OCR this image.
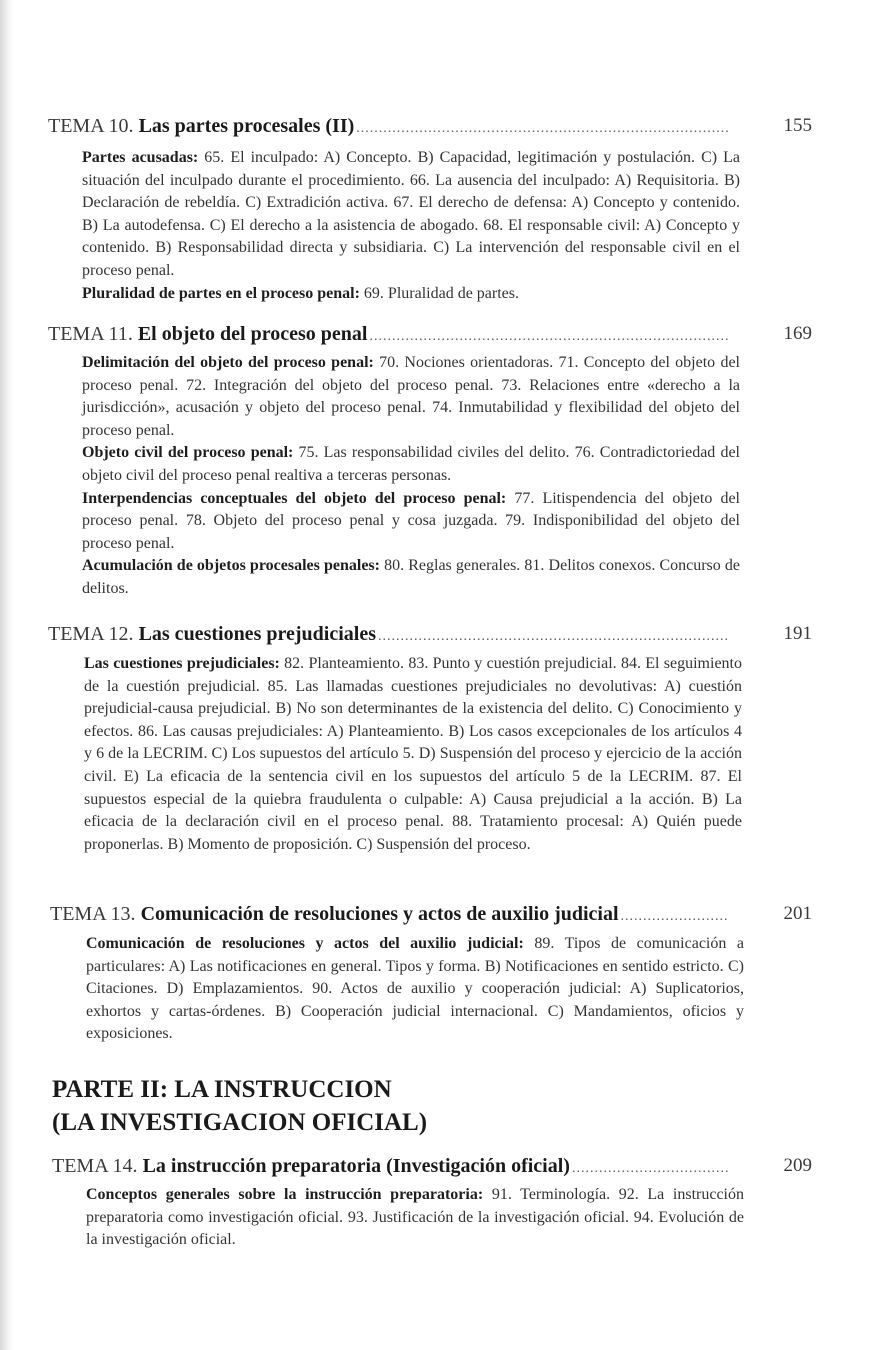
TEMA 10. Las partes procesales (II) .....	155

Partes acusadas: 65. El inculpado: A) Concepto. B) Capacidad, legitimación y postulación. C) La situación del inculpado durante el procedimiento. 66. La ausencia del inculpado: A) Requisitoria. B) Declaración de rebeldía. C) Extradición activa. 67. El derecho de defensa: A) Concepto y contenido. B) La autodefensa. C) El derecho a la asistencia de abogado. 68. El responsable civil: A) Concepto y contenido. B) Responsabilidad directa y subsidiaria. C) La intervención del responsable civil en el proceso penal.

Pluralidad de partes en el proceso penal: 69. Pluralidad de partes.

TEMA 11. El objeto del proceso penal .....	169

Delimitación del objeto del proceso penal: 70. Nociones orientadoras. 71. Concepto del objeto del proceso penal. 72. Integración del objeto del proceso penal. 73. Relaciones entre «derecho a la jurisdicción», acusación y objeto del proceso penal. 74. Inmutabilidad y flexibilidad del objeto del proceso penal.

Objeto civil del proceso penal: 75. Las responsabilidad civiles del delito. 76. Contradictoriedad del objeto civil del proceso penal realtiva a terceras personas.

Interpendencias conceptuales del objeto del proceso penal: 77. Litispendencia del objeto del proceso penal. 78. Objeto del proceso penal y cosa juzgada. 79. Indisponibilidad del objeto del proceso penal.

Acumulación de objetos procesales penales: 80. Reglas generales. 81. Delitos conexos. Concurso de delitos.

TEMA 12. Las cuestiones prejudiciales .....	191

Las cuestiones prejudiciales: 82. Planteamiento. 83. Punto y cuestión prejudicial. 84. El seguimiento de la cuestión prejudicial. 85. Las llamadas cuestiones prejudiciales no devolutivas: A) cuestión prejudicial-causa prejudicial. B) No son determinantes de la existencia del delito. C) Conocimiento y efectos. 86. Las causas prejudiciales: A) Planteamiento. B) Los casos excepcionales de los artículos 4 y 6 de la LECRIM. C) Los supuestos del artículo 5. D) Suspensión del proceso y ejercicio de la acción civil. E) La eficacia de la sentencia civil en los supuestos del artículo 5 de la LECRIM. 87. El supuestos especial de la quiebra fraudulenta o culpable: A) Causa prejudicial a la acción. B) La eficacia de la declaración civil en el proceso penal. 88. Tratamiento procesal: A) Quién puede proponerlas. B) Momento de proposición. C) Suspensión del proceso.

TEMA 13. Comunicación de resoluciones y actos de auxilio judicial .....	201

Comunicación de resoluciones y actos del auxilio judicial: 89. Tipos de comunicación a particulares: A) Las notificaciones en general. Tipos y forma. B) Notificaciones en sentido estricto. C) Citaciones. D) Emplazamientos. 90. Actos de auxilio y cooperación judicial: A) Suplicatorios, exhortos y cartas-órdenes. B) Cooperación judicial internacional. C) Mandamientos, oficios y exposiciones.

PARTE II: LA INSTRUCCION
(LA INVESTIGACION OFICIAL)
TEMA 14. La instrucción preparatoria (Investigación oficial) .....	209

Conceptos generales sobre la instrucción preparatoria: 91. Terminología. 92. La instrucción preparatoria como investigación oficial. 93. Justificación de la investigación oficial. 94. Evolución de la investigación oficial.
